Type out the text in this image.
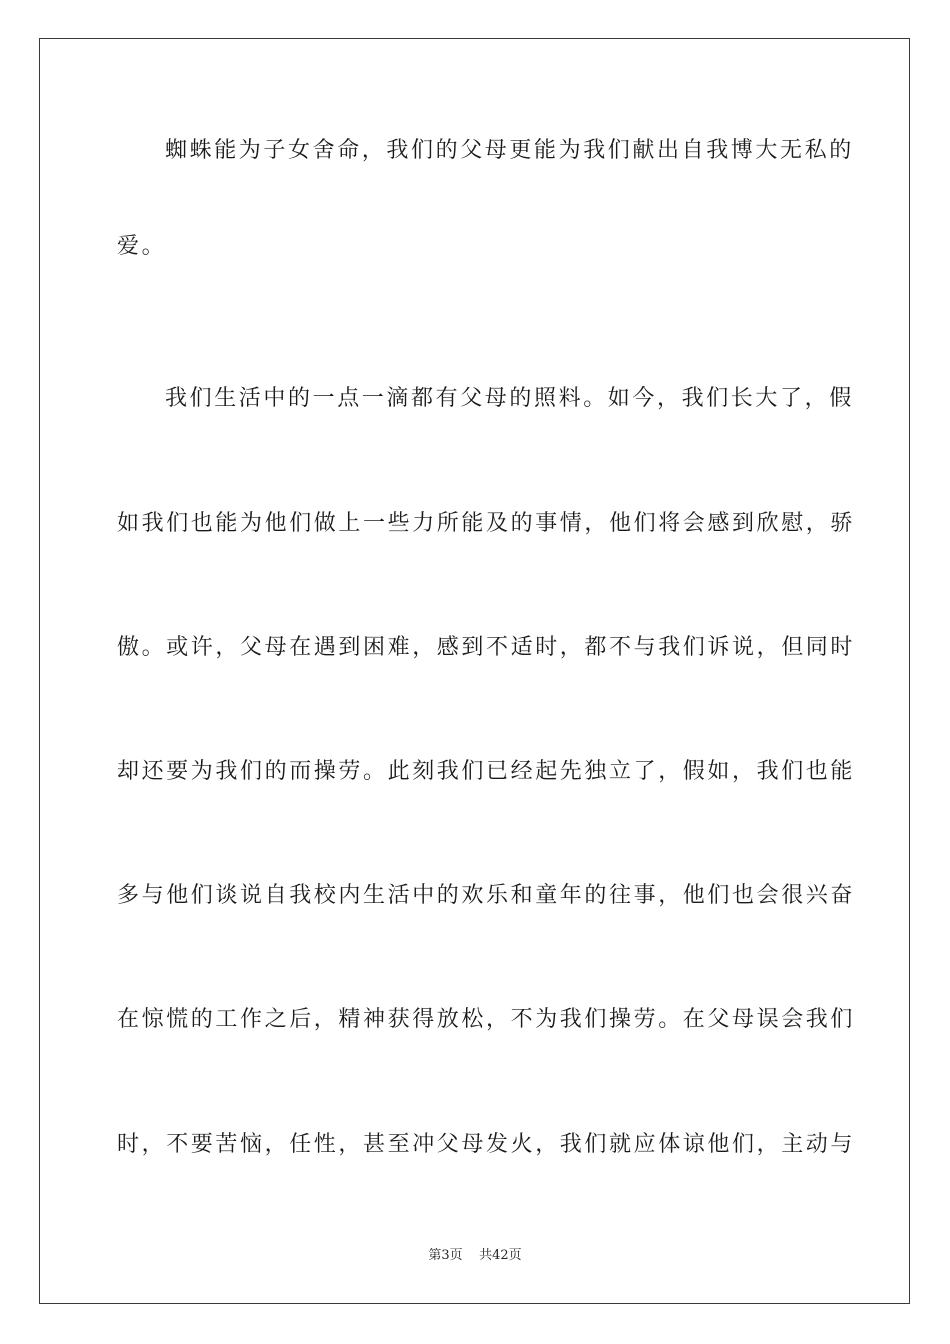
蜘蛛能为子女舍命，我们的父母更能为我们献出自我博大无私的
爱。
我们生活中的一点一滴都有父母的照料。如今，我们长大了，假
如我们也能为他们做上一些力所能及的事情，他们将会感到欣慰，骄
傲。或许，父母在遇到困难，感到不适时，都不与我们诉说，但同时
却还要为我们的而操劳。此刻我们已经起先独立了，假如，我们也能
多与他们谈说自我校内生活中的欢乐和童年的往事，他们也会很兴奋
在惊慌的工作之后，精神获得放松，不为我们操劳。在父母误会我们
时，不要苦恼，任性，甚至冲父母发火，我们就应体谅他们，主动与
第3页 共42页
